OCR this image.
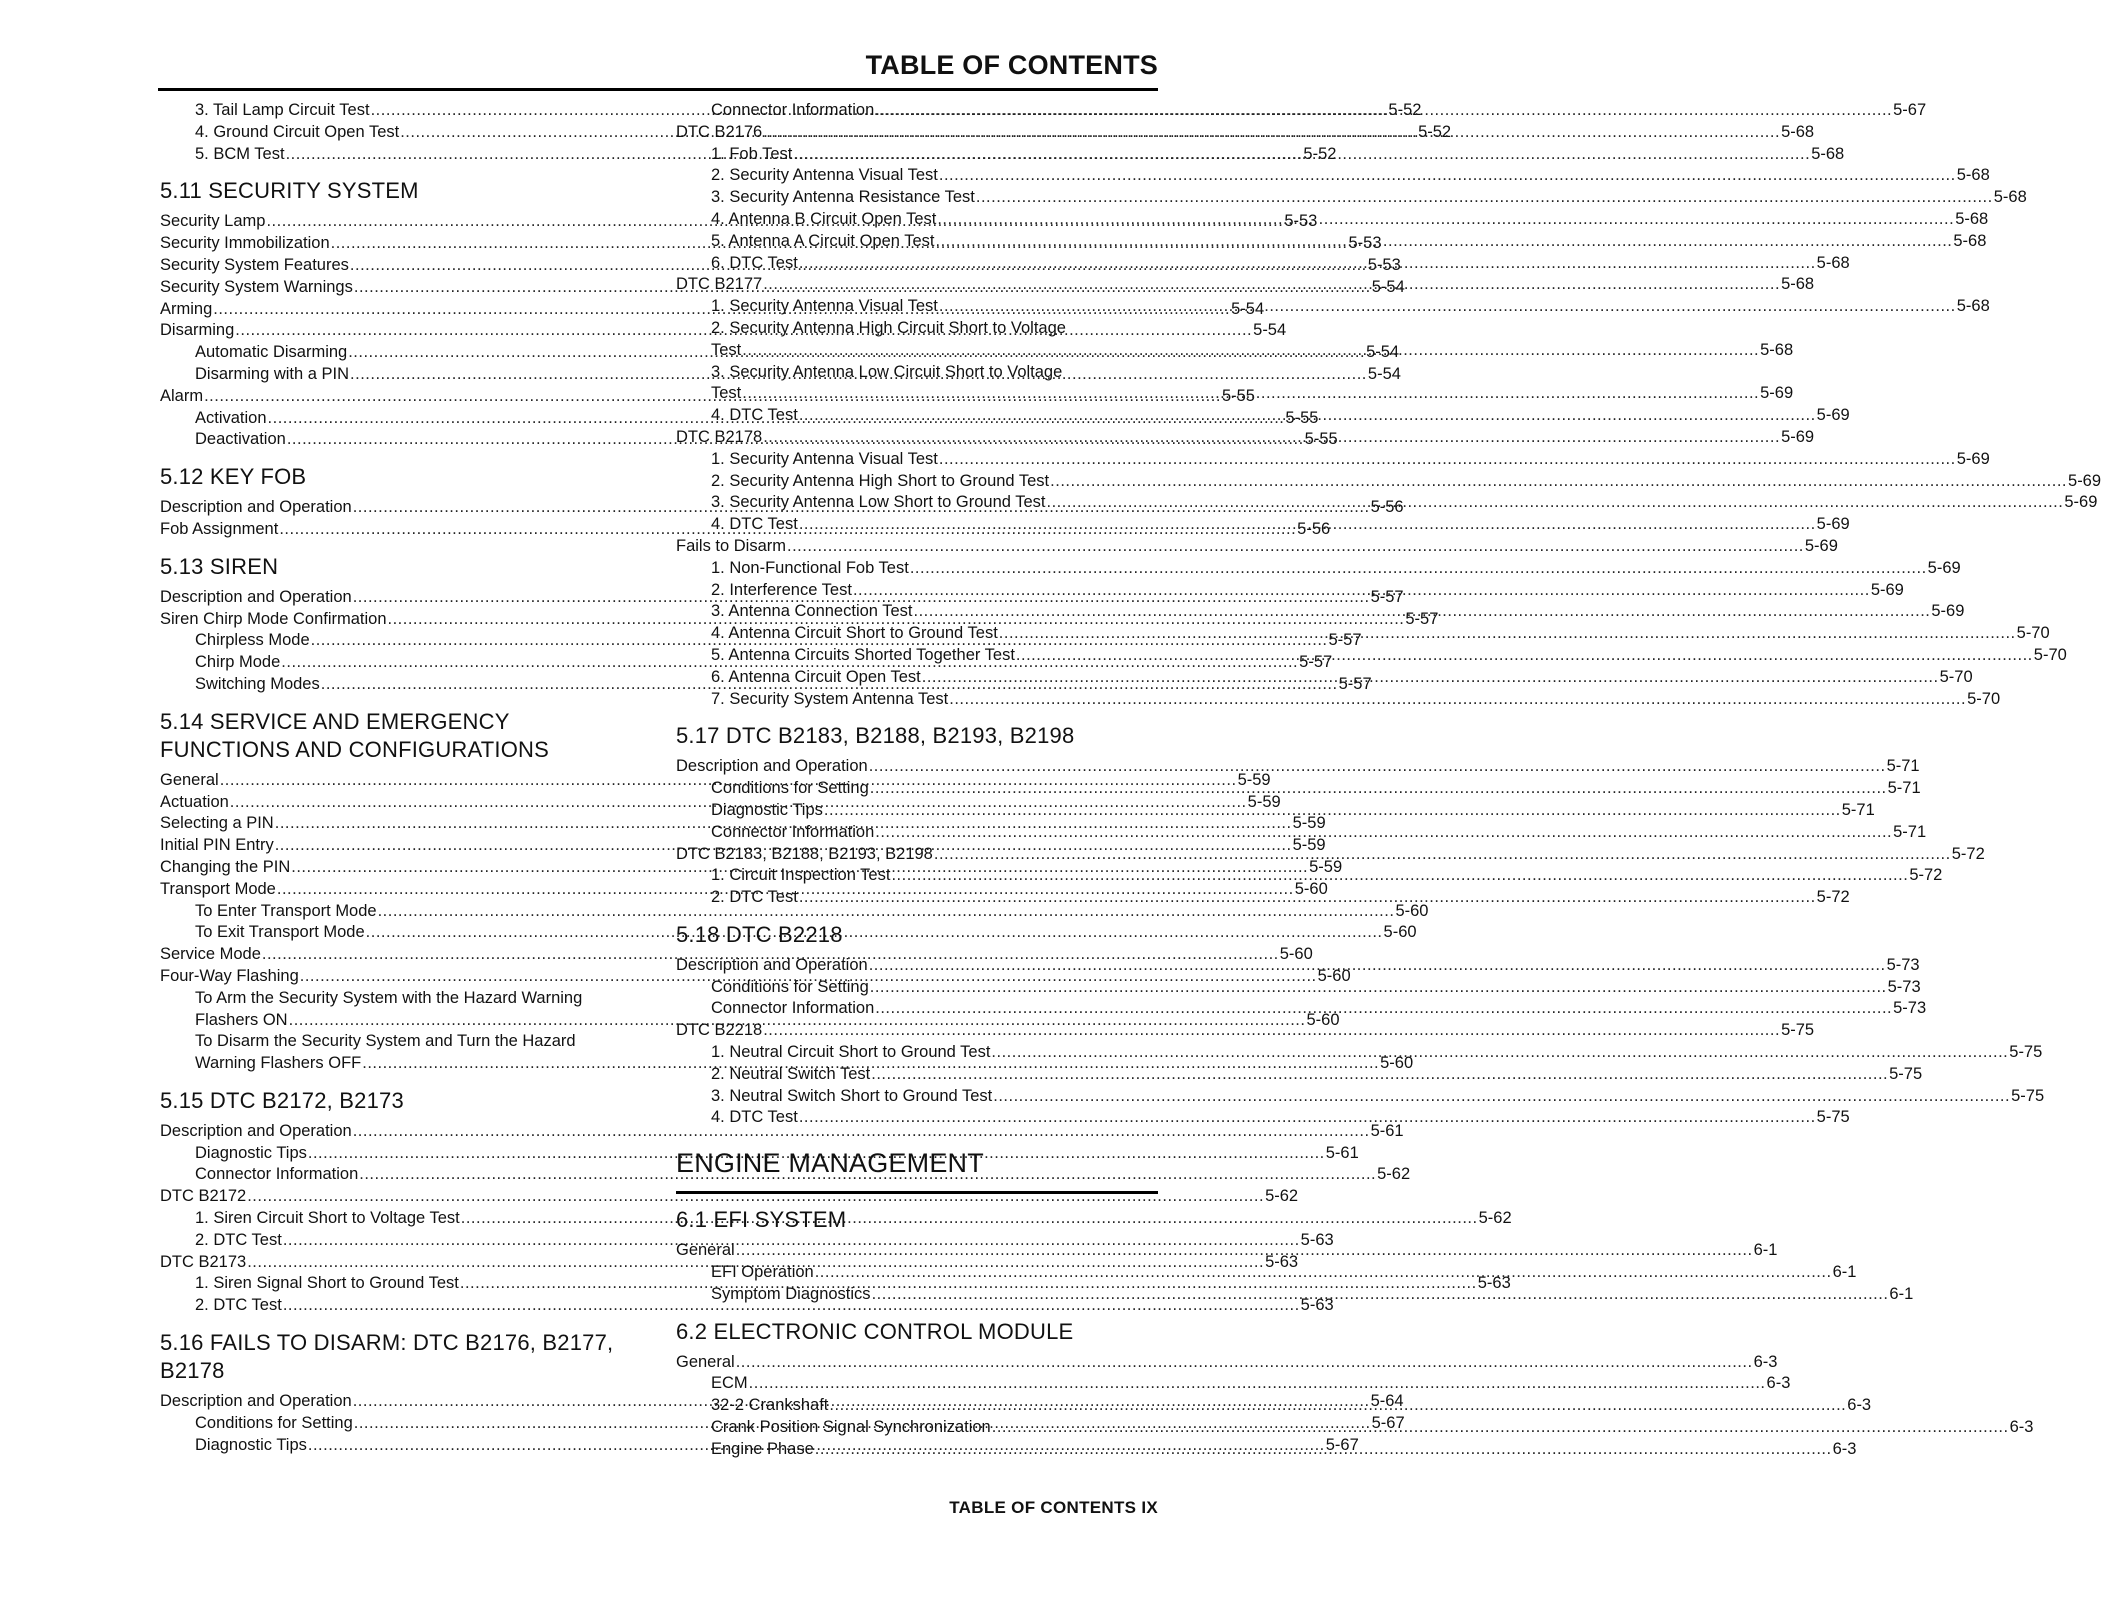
TABLE OF CONTENTS
3. Tail Lamp Circuit Test .....	5-52
4. Ground Circuit Open Test .....	5-52
5. BCM Test .....	5-52
5.11 SECURITY SYSTEM
Security Lamp .....	5-53
Security Immobilization .....	5-53
Security System Features .....	5-53
Security System Warnings .....	5-54
Arming .....	5-54
Disarming .....	5-54
Automatic Disarming .....	5-54
Disarming with a PIN .....	5-54
Alarm .....	5-55
Activation .....	5-55
Deactivation .....	5-55
5.12 KEY FOB
Description and Operation .....	5-56
Fob Assignment .....	5-56
5.13 SIREN
Description and Operation .....	5-57
Siren Chirp Mode Confirmation .....	5-57
Chirpless Mode .....	5-57
Chirp Mode .....	5-57
Switching Modes .....	5-57
5.14 SERVICE AND EMERGENCY FUNCTIONS AND CONFIGURATIONS
General .....	5-59
Actuation .....	5-59
Selecting a PIN .....	5-59
Initial PIN Entry .....	5-59
Changing the PIN .....	5-59
Transport Mode .....	5-60
To Enter Transport Mode .....	5-60
To Exit Transport Mode .....	5-60
Service Mode .....	5-60
Four-Way Flashing .....	5-60
To Arm the Security System with the Hazard Warning
Flashers ON .....	5-60
To Disarm the Security System and Turn the Hazard
Warning Flashers OFF .....	5-60
5.15 DTC B2172, B2173
Description and Operation .....	5-61
Diagnostic Tips .....	5-61
Connector Information .....	5-62
DTC B2172 .....	5-62
1. Siren Circuit Short to Voltage Test .....	5-62
2. DTC Test .....	5-63
DTC B2173 .....	5-63
1. Siren Signal Short to Ground Test .....	5-63
2. DTC Test .....	5-63
5.16 FAILS TO DISARM: DTC B2176, B2177, B2178
Description and Operation .....	5-64
Conditions for Setting .....	5-67
Diagnostic Tips .....	5-67
Connector Information .....	5-67
DTC B2176 .....	5-68
1. Fob Test .....	5-68
2. Security Antenna Visual Test .....	5-68
3. Security Antenna Resistance Test .....	5-68
4. Antenna B Circuit Open Test .....	5-68
5. Antenna A Circuit Open Test .....	5-68
6. DTC Test .....	5-68
DTC B2177 .....	5-68
1. Security Antenna Visual Test .....	5-68
2. Security Antenna High Circuit Short to Voltage
Test .....	5-68
3. Security Antenna Low Circuit Short to Voltage
Test .....	5-69
4. DTC Test .....	5-69
DTC B2178 .....	5-69
1. Security Antenna Visual Test .....	5-69
2. Security Antenna High Short to Ground Test .....	5-69
3. Security Antenna Low Short to Ground Test .....	5-69
4. DTC Test .....	5-69
Fails to Disarm .....	5-69
1. Non-Functional Fob Test .....	5-69
2. Interference Test .....	5-69
3. Antenna Connection Test .....	5-69
4. Antenna Circuit Short to Ground Test .....	5-70
5. Antenna Circuits Shorted Together Test .....	5-70
6. Antenna Circuit Open Test .....	5-70
7. Security System Antenna Test .....	5-70
5.17 DTC B2183, B2188, B2193, B2198
Description and Operation .....	5-71
Conditions for Setting .....	5-71
Diagnostic Tips .....	5-71
Connector Information .....	5-71
DTC B2183, B2188, B2193, B2198 .....	5-72
1. Circuit Inspection Test .....	5-72
2. DTC Test .....	5-72
5.18 DTC B2218
Description and Operation .....	5-73
Conditions for Setting .....	5-73
Connector Information .....	5-73
DTC B2218 .....	5-75
1. Neutral Circuit Short to Ground Test .....	5-75
2. Neutral Switch Test .....	5-75
3. Neutral Switch Short to Ground Test .....	5-75
4. DTC Test .....	5-75
ENGINE MANAGEMENT
6.1 EFI SYSTEM
General .....	6-1
EFI Operation .....	6-1
Symptom Diagnostics .....	6-1
6.2 ELECTRONIC CONTROL MODULE
General .....	6-3
ECM .....	6-3
32-2 Crankshaft .....	6-3
Crank Position Signal Synchronization .....	6-3
Engine Phase .....	6-3
TABLE OF CONTENTS IX
